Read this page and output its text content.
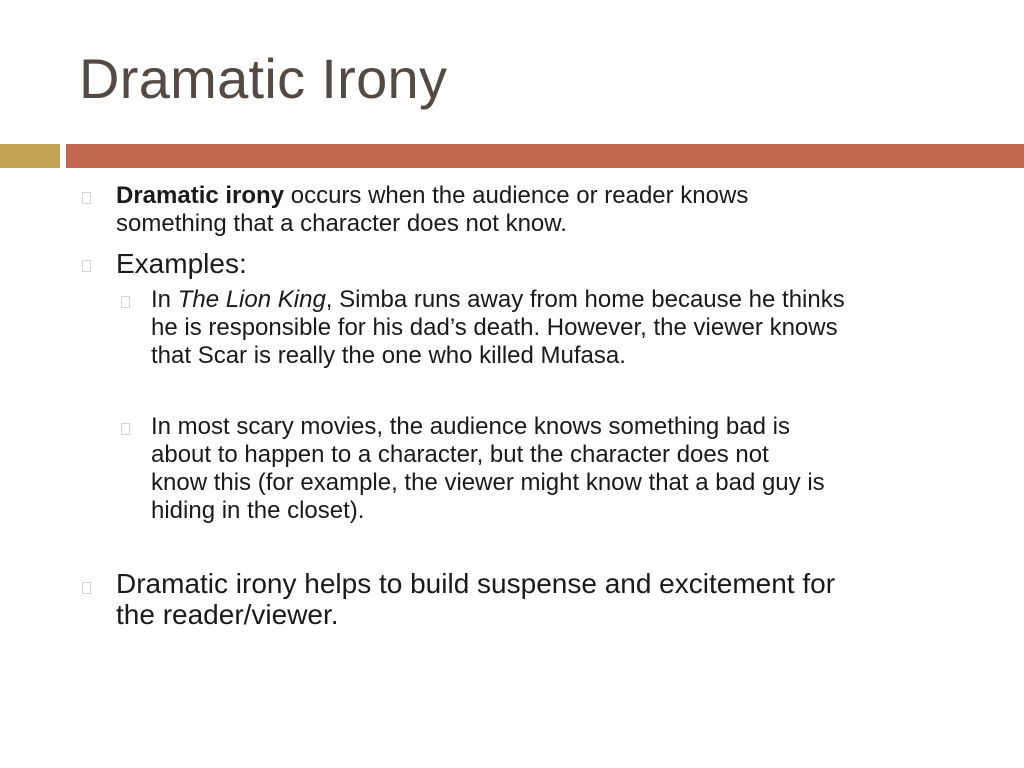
Dramatic Irony
Dramatic irony occurs when the audience or reader knows
something that a character does not know.
Examples:
In The Lion King, Simba runs away from home because he thinks
he is responsible for his dad’s death. However, the viewer knows
that Scar is really the one who killed Mufasa.
In most scary movies, the audience knows something bad is
about to happen to a character, but the character does not
know this (for example, the viewer might know that a bad guy is
hiding in the closet).
Dramatic irony helps to build suspense and excitement for
the reader/viewer.
